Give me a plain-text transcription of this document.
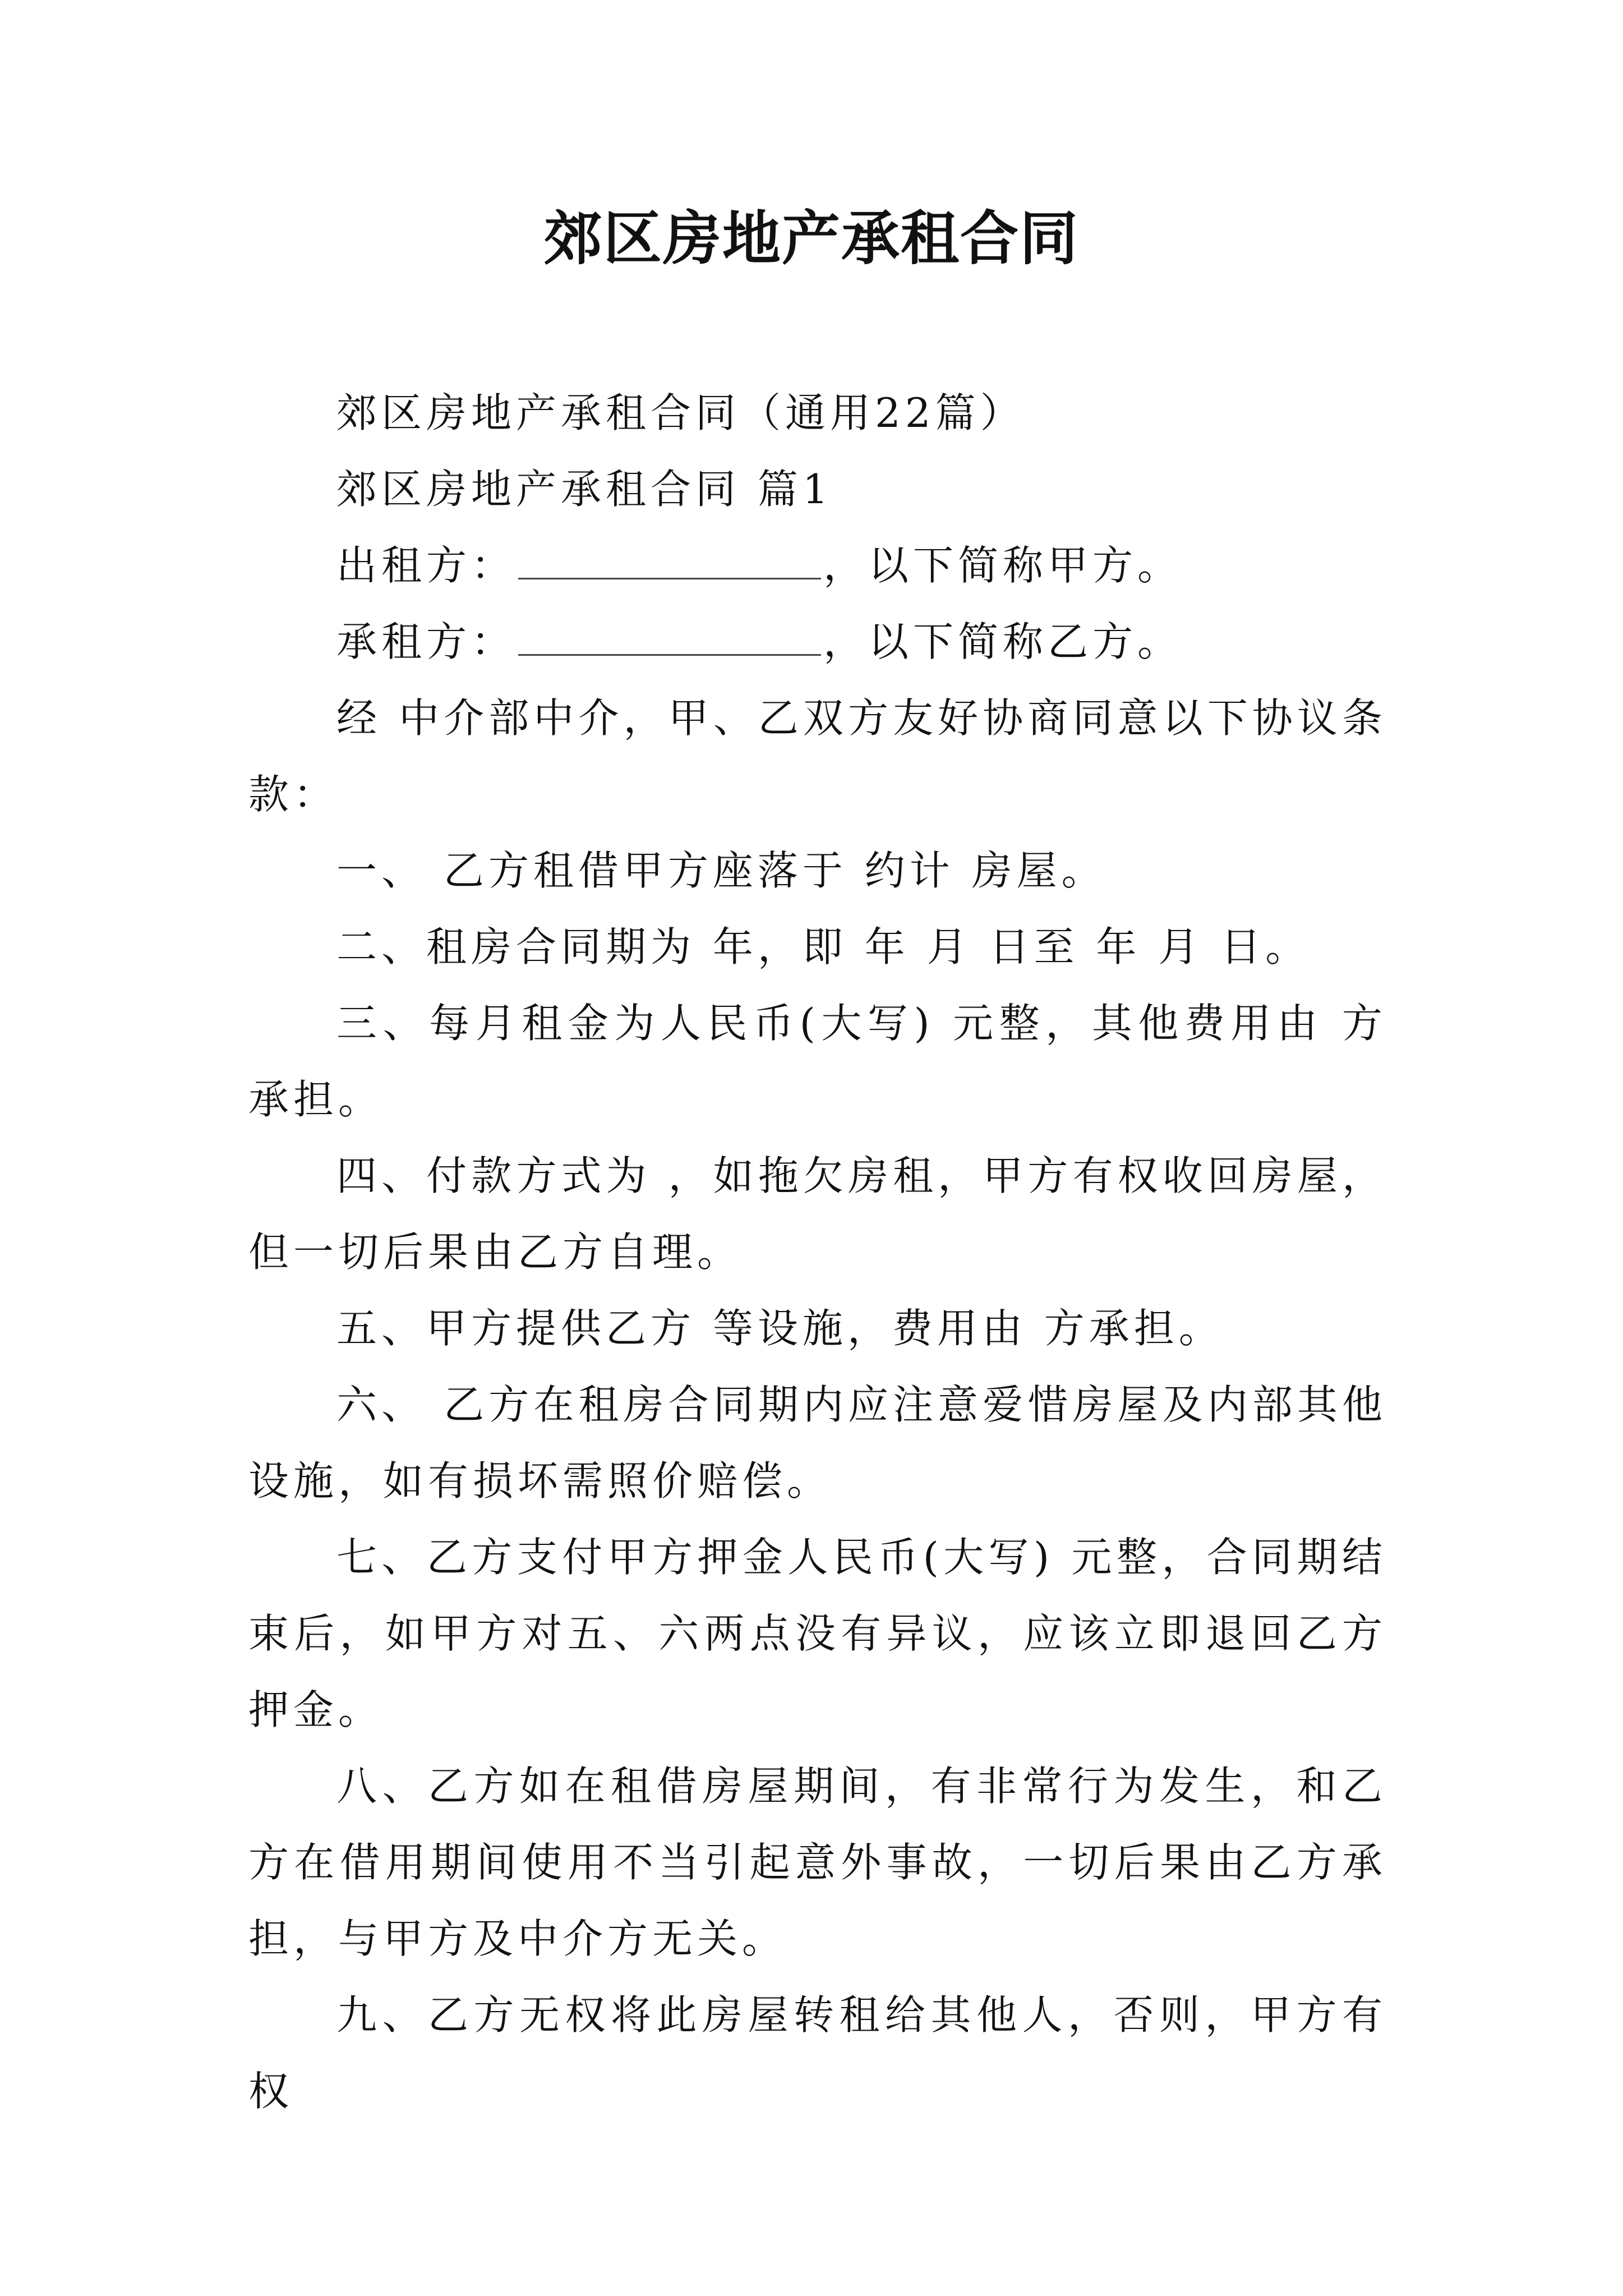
郊区房地产承租合同

郊区房地产承租合同（通用22篇）

郊区房地产承租合同 篇1

出租方：	，以下简称甲方。

承租方：	，以下简称乙方。

经 中介部中介，甲、乙双方友好协商同意以下协议条款：

一、 乙方租借甲方座落于 约计 房屋。

二、租房合同期为 年，即 年 月 日至 年 月 日。

三、每月租金为人民币(大写) 元整，其他费用由 方承担。

四、付款方式为 ，如拖欠房租，甲方有权收回房屋，但一切后果由乙方自理。

五、甲方提供乙方 等设施，费用由 方承担。

六、 乙方在租房合同期内应注意爱惜房屋及内部其他设施，如有损坏需照价赔偿。

七、乙方支付甲方押金人民币(大写) 元整，合同期结束后，如甲方对五、六两点没有异议，应该立即退回乙方押金。

八、乙方如在租借房屋期间，有非常行为发生，和乙方在借用期间使用不当引起意外事故，一切后果由乙方承担，与甲方及中介方无关。

九、乙方无权将此房屋转租给其他人，否则，甲方有权
